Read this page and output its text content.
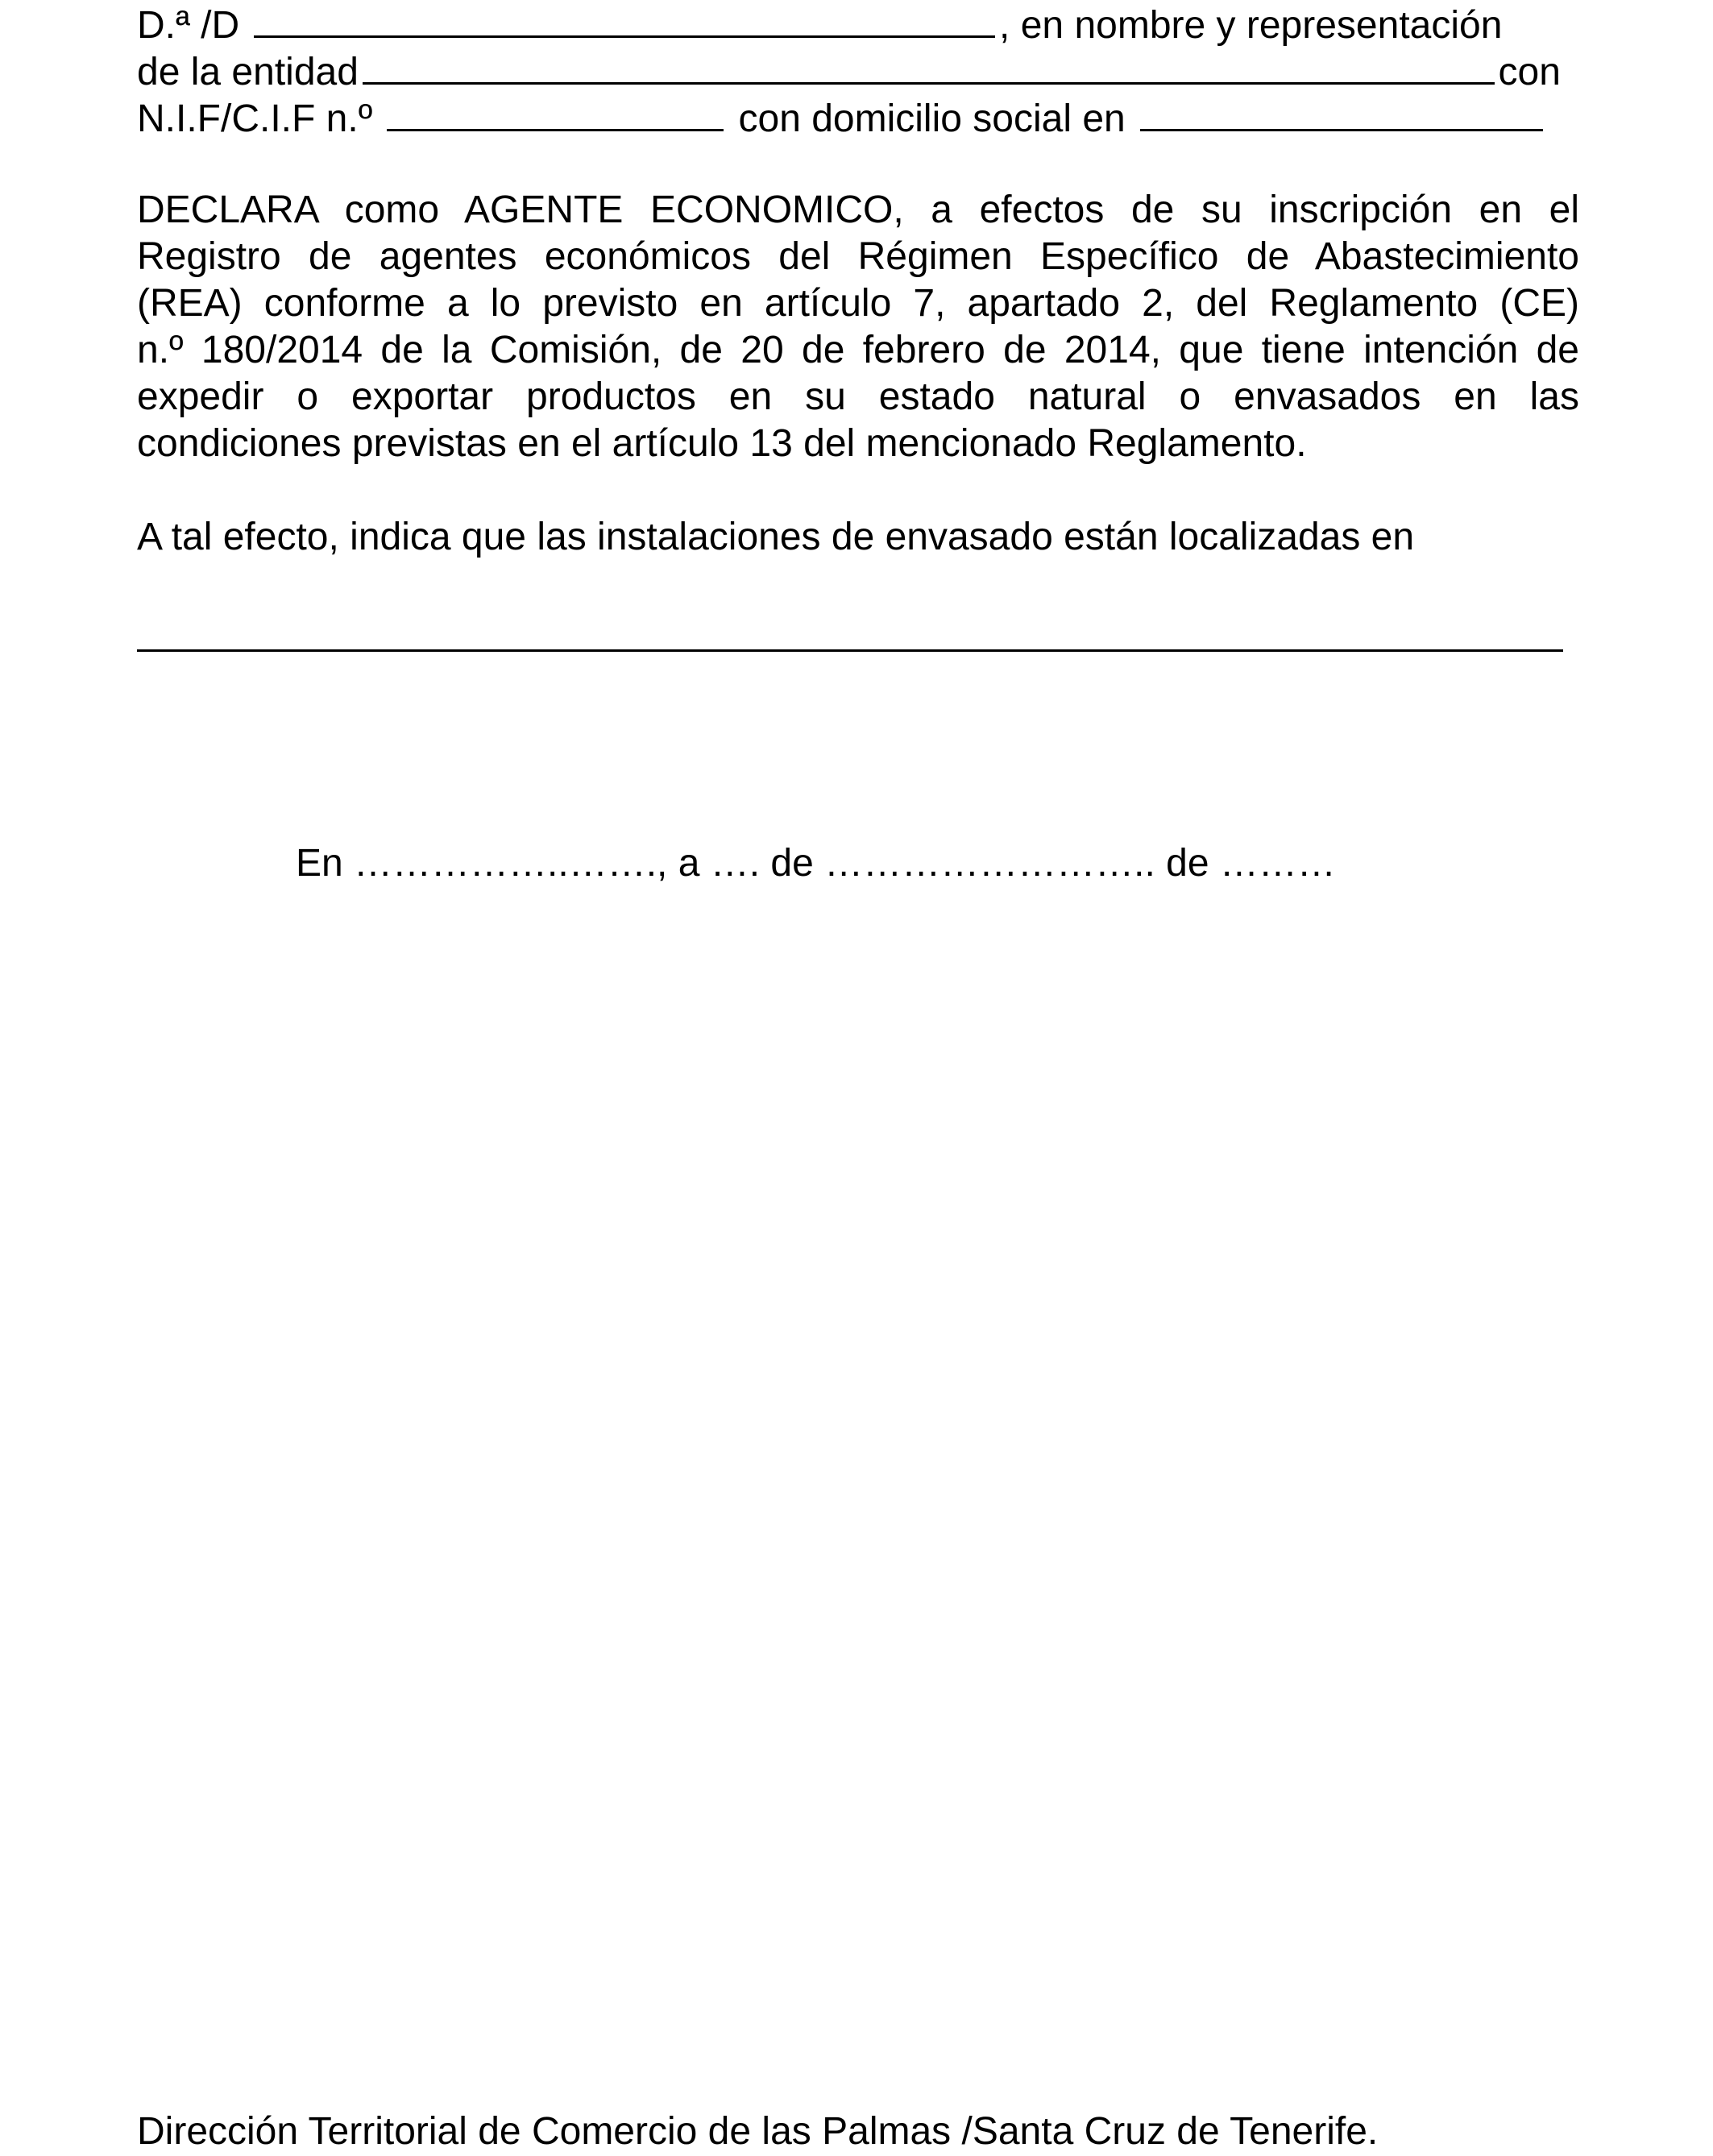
D.ª /D	, en nombre y representación
de la entidad	con
N.I.F/C.I.F n.º	con domicilio social en
DECLARA como AGENTE ECONOMICO, a efectos de su inscripción en el
Registro de agentes económicos del Régimen Específico de Abastecimiento
(REA) conforme a lo previsto en artículo 7, apartado 2, del Reglamento (CE)
n.º 180/2014 de la Comisión, de 20 de febrero de 2014, que tiene intención de
expedir o exportar productos en su estado natural o envasados en las
condiciones previstas en el artículo 13 del mencionado Reglamento.
A tal efecto, indica que las instalaciones de envasado están localizadas en
En ……………..……., a …. de …………………….. de ………
Dirección Territorial de Comercio de las Palmas /Santa Cruz de Tenerife.
